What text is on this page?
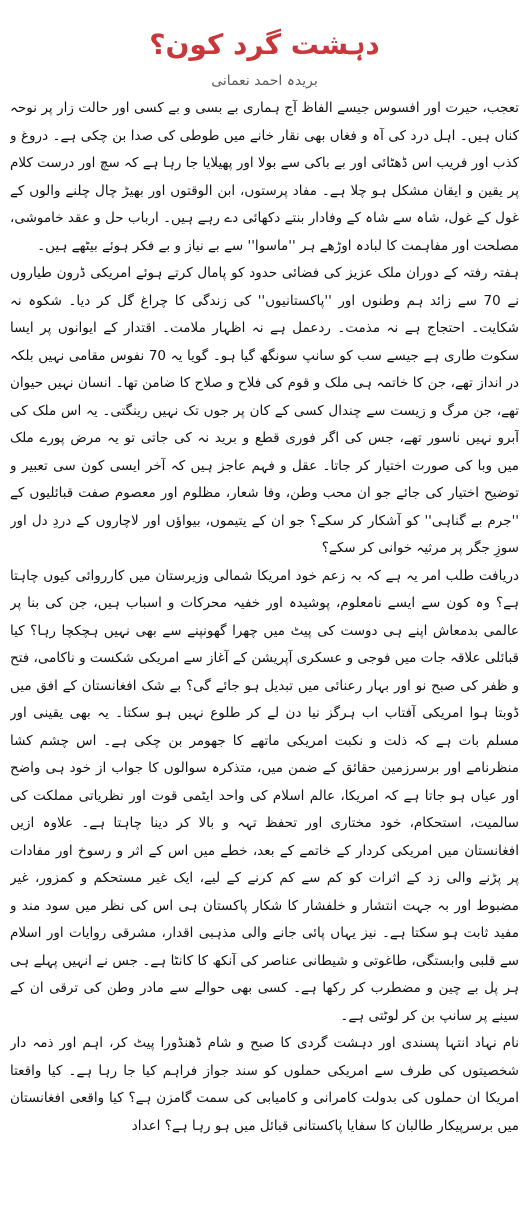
دہشت گرد کون؟
بریدہ احمد نعمانی

تعجب، حیرت اور افسوس جیسے الفاظ آج ہماری بے بسی و بے کسی اور حالت زار پر نوحہ کناں ہیں۔ اہل درد کی آہ و فغاں بھی نقار خانے میں طوطی کی صدا بن چکی ہے۔ دروغ و کذب اور فریب اس ڈھٹائی اور بے باکی سے بولا اور پھیلایا جا رہا ہے کہ سچ اور درست کلام پر یقین و ایقان مشکل ہو چلا ہے۔ مفاد پرستوں، ابن الوقتوں اور بھیڑ چال چلنے والوں کے غول کے غول، شاہ سے شاہ کے وفادار بنتے دکھائی دے رہے ہیں۔ ارباب حل و عقد خاموشی، مصلحت اور مفاہمت کا لبادہ اوڑھے ہر ''ماسوا'' سے بے نیاز و بے فکر ہوئے بیٹھے ہیں۔

ہفتہ رفتہ کے دوران ملک عزیز کی فضائی حدود کو پامال کرتے ہوئے امریکی ڈرون طیاروں نے 70 سے زائد ہم وطنوں اور ''پاکستانیوں'' کی زندگی کا چراغ گل کر دیا۔ شکوہ نہ شکایت۔ احتجاج ہے نہ مذمت۔ ردعمل ہے نہ اظہار ملامت۔ اقتدار کے ایوانوں پر ایسا سکوت طاری ہے جیسے سب کو سانپ سونگھ گیا ہو۔ گویا یہ 70 نفوس مقامی نہیں بلکہ در انداز تھے، جن کا خاتمہ ہی ملک و قوم کی فلاح و صلاح کا ضامن تھا۔ انسان نہیں حیوان تھے، جن مرگ و زیست سے چندال کسی کے کان پر جوں تک نہیں رینگتی۔ یہ اس ملک کی آبرو نہیں ناسور تھے، جس کی اگر فوری قطع و برید نہ کی جاتی تو یہ مرض پورے ملک میں وبا کی صورت اختیار کر جاتا۔ عقل و فہم عاجز ہیں کہ آخر ایسی کون سی تعبیر و توضیح اختیار کی جائے جو ان محب وطن، وفا شعار، مظلوم اور معصوم صفت قبائلیوں کے ''جرم بے گناہی'' کو آشکار کر سکے؟ جو ان کے یتیموں، بیواؤں اور لاچاروں کے دردِ دل اور سوزِ جگر پر مرثیہ خوانی کر سکے؟

دریافت طلب امر یہ ہے کہ بہ زعم خود امریکا شمالی وزیرستان میں کارروائی کیوں چاہتا ہے؟ وہ کون سے ایسے نامعلوم، پوشیدہ اور خفیہ محرکات و اسباب ہیں، جن کی بنا پر عالمی بدمعاش اپنے ہی دوست کی پیٹ میں چھرا گھونپنے سے بھی نہیں ہچکچا رہا؟ کیا قبائلی علاقہ جات میں فوجی و عسکری آپریشن کے آغاز سے امریکی شکست و ناکامی، فتح و ظفر کی صبح نو اور بہار رعنائی میں تبدیل ہو جائے گی؟ بے شک افغانستان کے افق میں ڈوبتا ہوا امریکی آفتاب اب ہرگز نیا دن لے کر طلوع نہیں ہو سکتا۔ یہ بھی یقینی اور مسلم بات ہے کہ ذلت و نکبت امریکی ماتھے کا جھومر بن چکی ہے۔ اس چشم کشا منظرنامے اور برسرزمین حقائق کے ضمن میں، متذکرہ سوالوں کا جواب از خود ہی واضح اور عیاں ہو جاتا ہے کہ امریکا، عالم اسلام کی واحد ایٹمی قوت اور نظریاتی مملکت کی سالمیت، استحکام، خود مختاری اور تحفظ تہہ و بالا کر دینا چاہتا ہے۔ علاوہ ازیں افغانستان میں امریکی کردار کے خاتمے کے بعد، خطے میں اس کے اثر و رسوخ اور مفادات پر پڑنے والی زد کے اثرات کو کم سے کم کرنے کے لیے، ایک غیر مستحکم و کمزور، غیر مضبوط اور بہ جہت انتشار و خلفشار کا شکار پاکستان ہی اس کی نظر میں سود مند و مفید ثابت ہو سکتا ہے۔ نیز یہاں پائی جانے والی مذہبی اقدار، مشرقی روایات اور اسلام سے قلبی وابستگی، طاغوتی و شیطانی عناصر کی آنکھ کا کانٹا ہے۔ جس نے انہیں پہلے ہی ہر پل بے چین و مضطرب کر رکھا ہے۔ کسی بھی حوالے سے مادر وطن کی ترقی ان کے سینے پر سانپ بن کر لوٹتی ہے۔

نام نہاد انتہا پسندی اور دہشت گردی کا صبح و شام ڈھنڈورا پیٹ کر، اہم اور ذمہ دار شخصیتوں کی طرف سے امریکی حملوں کو سند جواز فراہم کیا جا رہا ہے۔ کیا واقعتا امریکا ان حملوں کی بدولت کامرانی و کامیابی کی سمت گامزن ہے؟ کیا واقعی افغانستان میں برسرپیکار طالبان کا سفایا پاکستانی قبائل میں ہو رہا ہے؟ اعداد
